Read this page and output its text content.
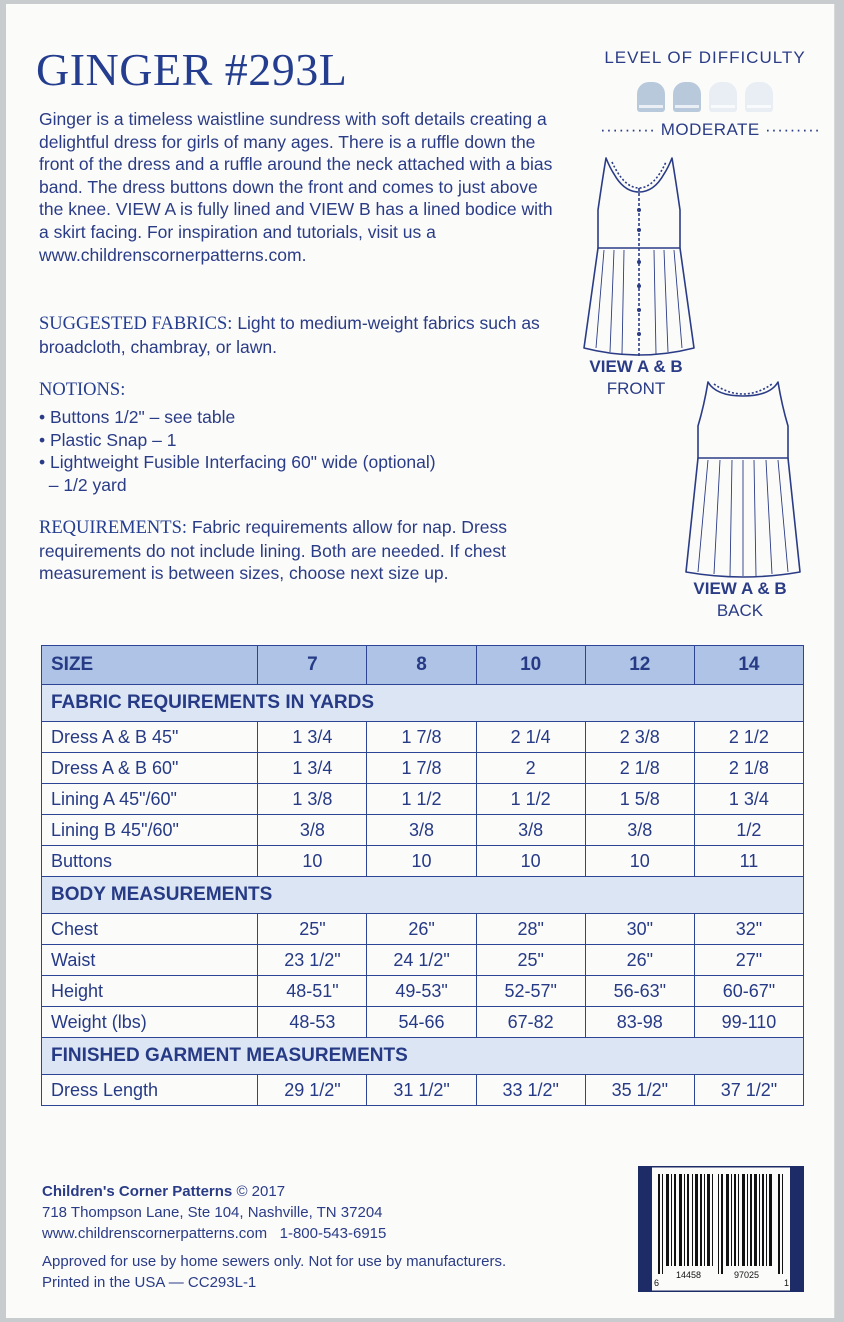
GINGER #293L

Ginger is a timeless waistline sundress with soft details creating a delightful dress for girls of many ages. There is a ruffle down the front of the dress and a ruffle around the neck attached with a bias band. The dress buttons down the front and comes to just above the knee. VIEW A is fully lined and VIEW B has a lined bodice with a skirt facing. For inspiration and tutorials, visit us a www.childrenscornerpatterns.com.

SUGGESTED FABRICS: Light to medium-weight fabrics such as broadcloth, chambray, or lawn.

NOTIONS:
• Buttons 1/2" – see table
• Plastic Snap – 1
• Lightweight Fusible Interfacing 60" wide (optional)
– 1/2 yard

REQUIREMENTS: Fabric requirements allow for nap. Dress requirements do not include lining. Both are needed. If chest measurement is between sizes, choose next size up.

LEVEL OF DIFFICULTY
········· MODERATE ·········
VIEW A & B
FRONT
VIEW A & B
BACK
SIZE	7	8	10	12	14
FABRIC REQUIREMENTS IN YARDS					
Dress A & B 45"	1 3/4	1 7/8	2 1/4	2 3/8	2 1/2
Dress A & B 60"	1 3/4	1 7/8	2	2 1/8	2 1/8
Lining A 45"/60"	1 3/8	1 1/2	1 1/2	1 5/8	1 3/4
Lining B 45"/60"	3/8	3/8	3/8	3/8	1/2
Buttons	10	10	10	10	11
BODY MEASUREMENTS					
Chest	25"	26"	28"	30"	32"
Waist	23 1/2"	24 1/2"	25"	26"	27"
Height	48-51"	49-53"	52-57"	56-63"	60-67"
Weight (lbs)	48-53	54-66	67-82	83-98	99-110
FINISHED GARMENT MEASUREMENTS					
Dress Length	29 1/2"	31 1/2"	33 1/2"	35 1/2"	37 1/2"
Children's Corner Patterns © 2017
718 Thompson Lane, Ste 104, Nashville, TN 37204
www.childrenscornerpatterns.com 1-800-543-6915
Approved for use by home sewers only. Not for use by manufacturers.
Printed in the USA — CC293L-1	6
14458	97025
1
